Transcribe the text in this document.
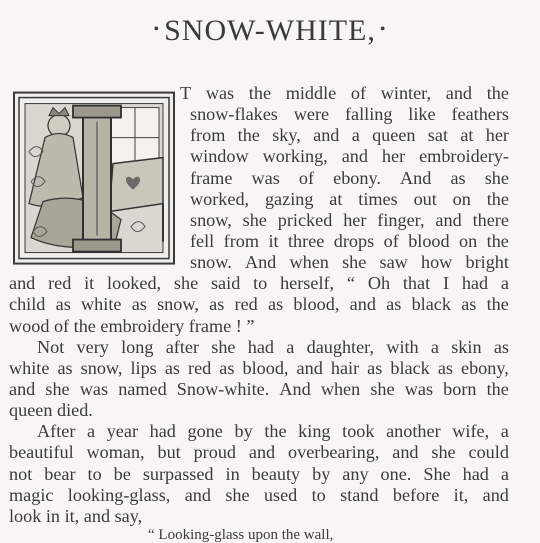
• SNOW-WHITE, •
T was the middle of winter, and the
snow-flakes were falling like feathers
from the sky, and a queen sat at her
window working, and her embroidery-
frame was of ebony. And as she
worked, gazing at times out on the
snow, she pricked her finger, and there
fell from it three drops of blood on the
snow. And when she saw how bright
and red it looked, she said to herself, “ Oh that I had a
child as white as snow, as red as blood, and as black as the
wood of the embroidery frame ! ”
Not very long after she had a daughter, with a skin as
white as snow, lips as red as blood, and hair as black as ebony,
and she was named Snow-white. And when she was born the
queen died.
After a year had gone by the king took another wife, a
beautiful woman, but proud and overbearing, and she could
not bear to be surpassed in beauty by any one. She had a
magic looking-glass, and she used to stand before it, and
look in it, and say,
“ Looking-glass upon the wall,
